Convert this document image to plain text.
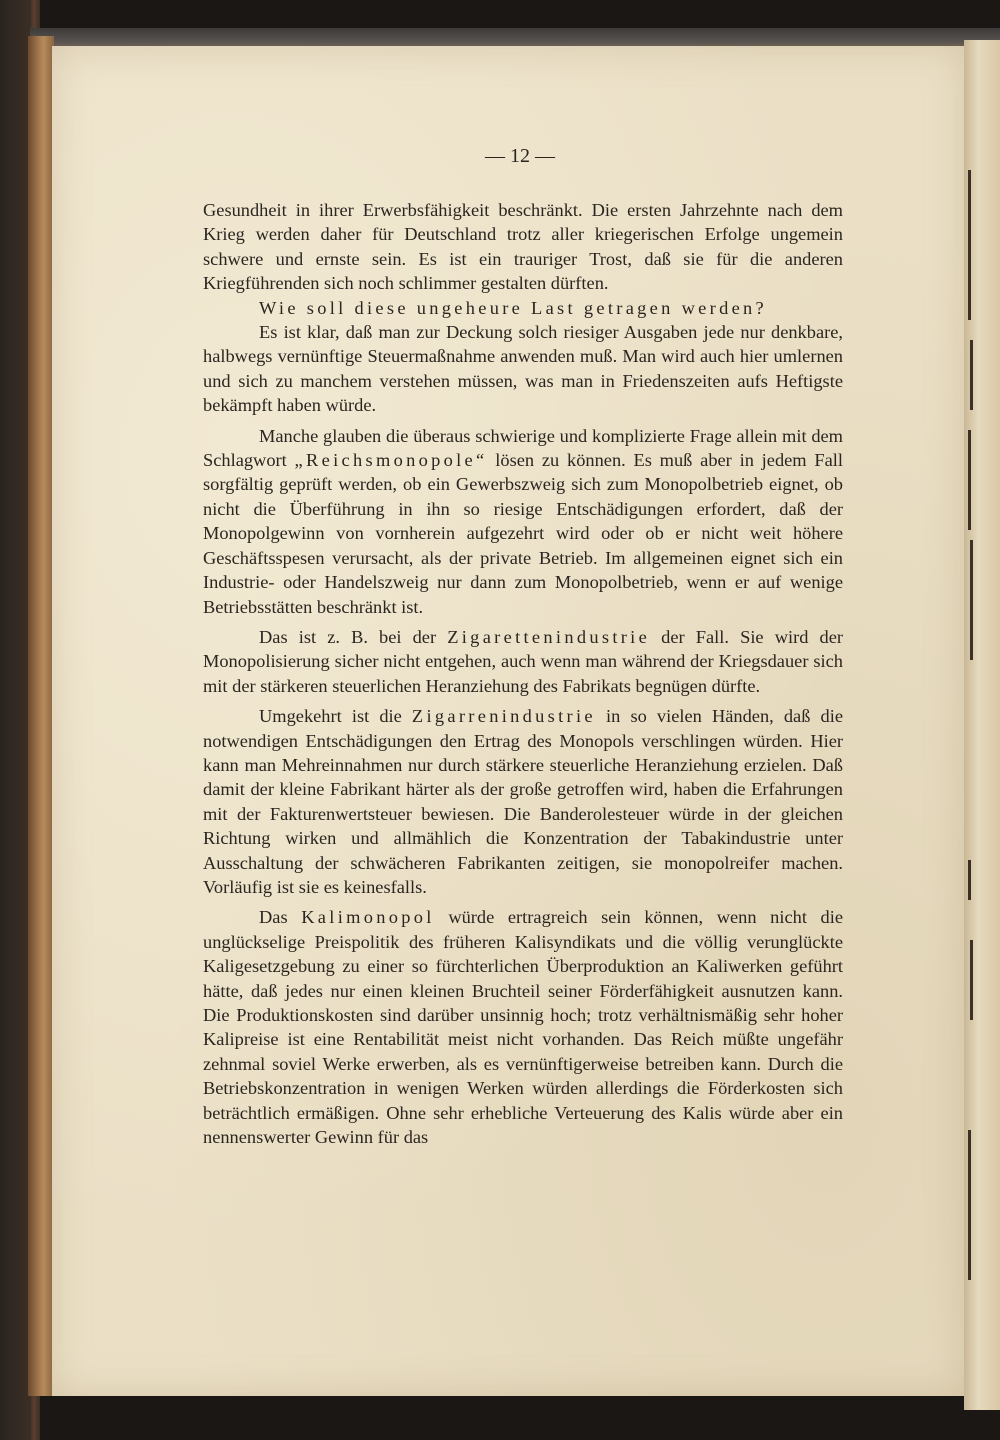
— 12 —

Gesundheit in ihrer Erwerbsfähigkeit beschränkt. Die ersten Jahrzehnte nach dem Krieg werden daher für Deutschland trotz aller kriegerischen Erfolge ungemein schwere und ernste sein. Es ist ein trauriger Trost, daß sie für die anderen Kriegführenden sich noch schlimmer gestalten dürften.

Wie soll diese ungeheure Last getragen werden?

Es ist klar, daß man zur Deckung solch riesiger Ausgaben jede nur denkbare, halbwegs vernünftige Steuermaßnahme anwenden muß. Man wird auch hier umlernen und sich zu manchem verstehen müssen, was man in Friedenszeiten aufs Heftigste bekämpft haben würde.

Manche glauben die überaus schwierige und komplizierte Frage allein mit dem Schlagwort „Reichsmonopole“ lösen zu können. Es muß aber in jedem Fall sorgfältig geprüft werden, ob ein Gewerbszweig sich zum Monopolbetrieb eignet, ob nicht die Überführung in ihn so riesige Entschädigungen erfordert, daß der Monopolgewinn von vornherein aufgezehrt wird oder ob er nicht weit höhere Geschäftsspesen verursacht, als der private Betrieb. Im allgemeinen eignet sich ein Industrie- oder Handelszweig nur dann zum Monopolbetrieb, wenn er auf wenige Betriebsstätten beschränkt ist.

Das ist z. B. bei der Zigarettenindustrie der Fall. Sie wird der Monopolisierung sicher nicht entgehen, auch wenn man während der Kriegsdauer sich mit der stärkeren steuerlichen Heranziehung des Fabrikats begnügen dürfte.

Umgekehrt ist die Zigarrenindustrie in so vielen Händen, daß die notwendigen Entschädigungen den Ertrag des Monopols verschlingen würden. Hier kann man Mehreinnahmen nur durch stärkere steuerliche Heranziehung erzielen. Daß damit der kleine Fabrikant härter als der große getroffen wird, haben die Erfahrungen mit der Fakturenwertsteuer bewiesen. Die Banderolesteuer würde in der gleichen Richtung wirken und allmählich die Konzentration der Tabakindustrie unter Ausschaltung der schwächeren Fabrikanten zeitigen, sie monopolreifer machen. Vorläufig ist sie es keinesfalls.

Das Kalimonopol würde ertragreich sein können, wenn nicht die unglückselige Preispolitik des früheren Kalisyndikats und die völlig verunglückte Kaligesetzgebung zu einer so fürchterlichen Überproduktion an Kaliwerken geführt hätte, daß jedes nur einen kleinen Bruchteil seiner Förderfähigkeit ausnutzen kann. Die Produktionskosten sind darüber unsinnig hoch; trotz verhältnismäßig sehr hoher Kalipreise ist eine Rentabilität meist nicht vorhanden. Das Reich müßte ungefähr zehnmal soviel Werke erwerben, als es vernünftigerweise betreiben kann. Durch die Betriebskonzentration in wenigen Werken würden allerdings die Förderkosten sich beträchtlich ermäßigen. Ohne sehr erhebliche Verteuerung des Kalis würde aber ein nennenswerter Gewinn für das
